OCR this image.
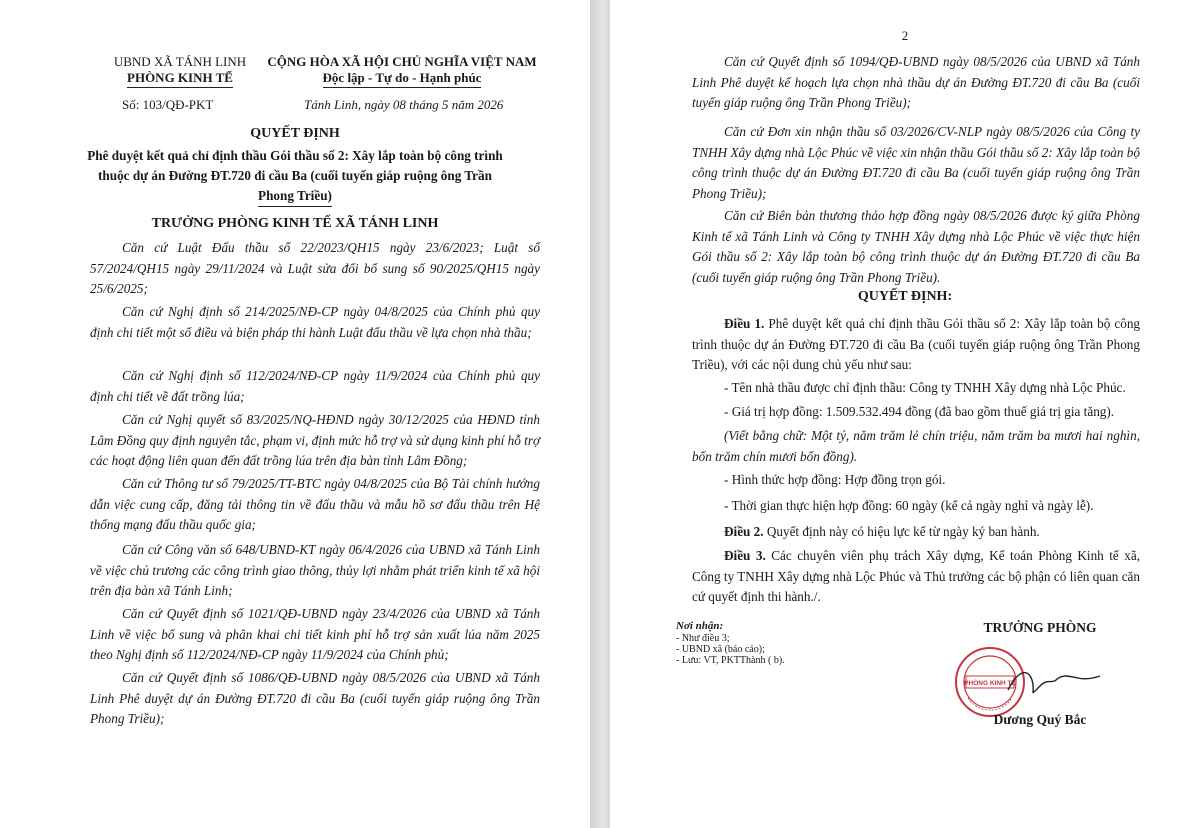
UBND XÃ TÁNH LINH
PHÒNG KINH TẾ
CỘNG HÒA XÃ HỘI CHỦ NGHĨA VIỆT NAM
Độc lập - Tự do - Hạnh phúc
Số: 103/QĐ-PKT	Tánh Linh, ngày 08 tháng 5 năm 2026
QUYẾT ĐỊNH
Phê duyệt kết quả chỉ định thầu Gói thầu số 2: Xây lắp toàn bộ công trình
thuộc dự án Đường ĐT.720 đi cầu Ba (cuối tuyến giáp ruộng ông Trần
Phong Triều)
TRƯỞNG PHÒNG KINH TẾ XÃ TÁNH LINH
Căn cứ Luật Đấu thầu số 22/2023/QH15 ngày 23/6/2023; Luật số 57/2024/QH15 ngày 29/11/2024 và Luật sửa đổi bổ sung số 90/2025/QH15 ngày 25/6/2025;
Căn cứ Nghị định số 214/2025/NĐ-CP ngày 04/8/2025 của Chính phủ quy định chi tiết một số điều và biện pháp thi hành Luật đấu thầu về lựa chọn nhà thầu;
Căn cứ Nghị định số 112/2024/NĐ-CP ngày 11/9/2024 của Chính phủ quy định chi tiết về đất trồng lúa;
Căn cứ Nghị quyết số 83/2025/NQ-HĐND ngày 30/12/2025 của HĐND tỉnh Lâm Đồng quy định nguyên tắc, phạm vi, định mức hỗ trợ và sử dụng kinh phí hỗ trợ các hoạt động liên quan đến đất trồng lúa trên địa bàn tỉnh Lâm Đồng;
Căn cứ Thông tư số 79/2025/TT-BTC ngày 04/8/2025 của Bộ Tài chính hướng dẫn việc cung cấp, đăng tải thông tin về đấu thầu và mẫu hồ sơ đấu thầu trên Hệ thống mạng đấu thầu quốc gia;
Căn cứ Công văn số 648/UBND-KT ngày 06/4/2026 của UBND xã Tánh Linh về việc chủ trương các công trình giao thông, thủy lợi nhằm phát triển kinh tế xã hội trên địa bàn xã Tánh Linh;
Căn cứ Quyết định số 1021/QĐ-UBND ngày 23/4/2026 của UBND xã Tánh Linh về việc bổ sung và phân khai chi tiết kinh phí hỗ trợ sản xuất lúa năm 2025 theo Nghị định số 112/2024/NĐ-CP ngày 11/9/2024 của Chính phủ;
Căn cứ Quyết định số 1086/QĐ-UBND ngày 08/5/2026 của UBND xã Tánh Linh Phê duyệt dự án Đường ĐT.720 đi cầu Ba (cuối tuyến giáp ruộng ông Trần Phong Triều);
2
Căn cứ Quyết định số 1094/QĐ-UBND ngày 08/5/2026 của UBND xã Tánh Linh Phê duyệt kế hoạch lựa chọn nhà thầu dự án Đường ĐT.720 đi cầu Ba (cuối tuyến giáp ruộng ông Trần Phong Triều);
Căn cứ Đơn xin nhận thầu số 03/2026/CV-NLP ngày 08/5/2026 của Công ty TNHH Xây dựng nhà Lộc Phúc về việc xin nhận thầu Gói thầu số 2: Xây lắp toàn bộ công trình thuộc dự án Đường ĐT.720 đi cầu Ba (cuối tuyến giáp ruộng ông Trần Phong Triều);
Căn cứ Biên bản thương thảo hợp đồng ngày 08/5/2026 được ký giữa Phòng Kinh tế xã Tánh Linh và Công ty TNHH Xây dựng nhà Lộc Phúc về việc thực hiện Gói thầu số 2: Xây lắp toàn bộ công trình thuộc dự án Đường ĐT.720 đi cầu Ba (cuối tuyến giáp ruộng ông Trần Phong Triều).
QUYẾT ĐỊNH:
Điều 1. Phê duyệt kết quả chỉ định thầu Gói thầu số 2: Xây lắp toàn bộ công trình thuộc dự án Đường ĐT.720 đi cầu Ba (cuối tuyến giáp ruộng ông Trần Phong Triều), với các nội dung chủ yếu như sau:
- Tên nhà thầu được chỉ định thầu: Công ty TNHH Xây dựng nhà Lộc Phúc.
- Giá trị hợp đồng: 1.509.532.494 đồng (đã bao gồm thuế giá trị gia tăng).
(Viết bằng chữ: Một tỷ, năm trăm lẻ chín triệu, năm trăm ba mươi hai nghìn, bốn trăm chín mươi bốn đồng).
- Hình thức hợp đồng: Hợp đồng trọn gói.
- Thời gian thực hiện hợp đồng: 60 ngày (kể cả ngày nghỉ và ngày lễ).
Điều 2. Quyết định này có hiệu lực kể từ ngày ký ban hành.
Điều 3. Các chuyên viên phụ trách Xây dựng, Kế toán Phòng Kinh tế xã, Công ty TNHH Xây dựng nhà Lộc Phúc và Thủ trưởng các bộ phận có liên quan căn cứ quyết định thi hành./.
Nơi nhận:
- Như điều 3;
- UBND xã (báo cáo);
- Lưu: VT, PKTThành ( b).
TRƯỞNG PHÒNG
PHÒNG KINH TẾ
Dương Quý Bắc
